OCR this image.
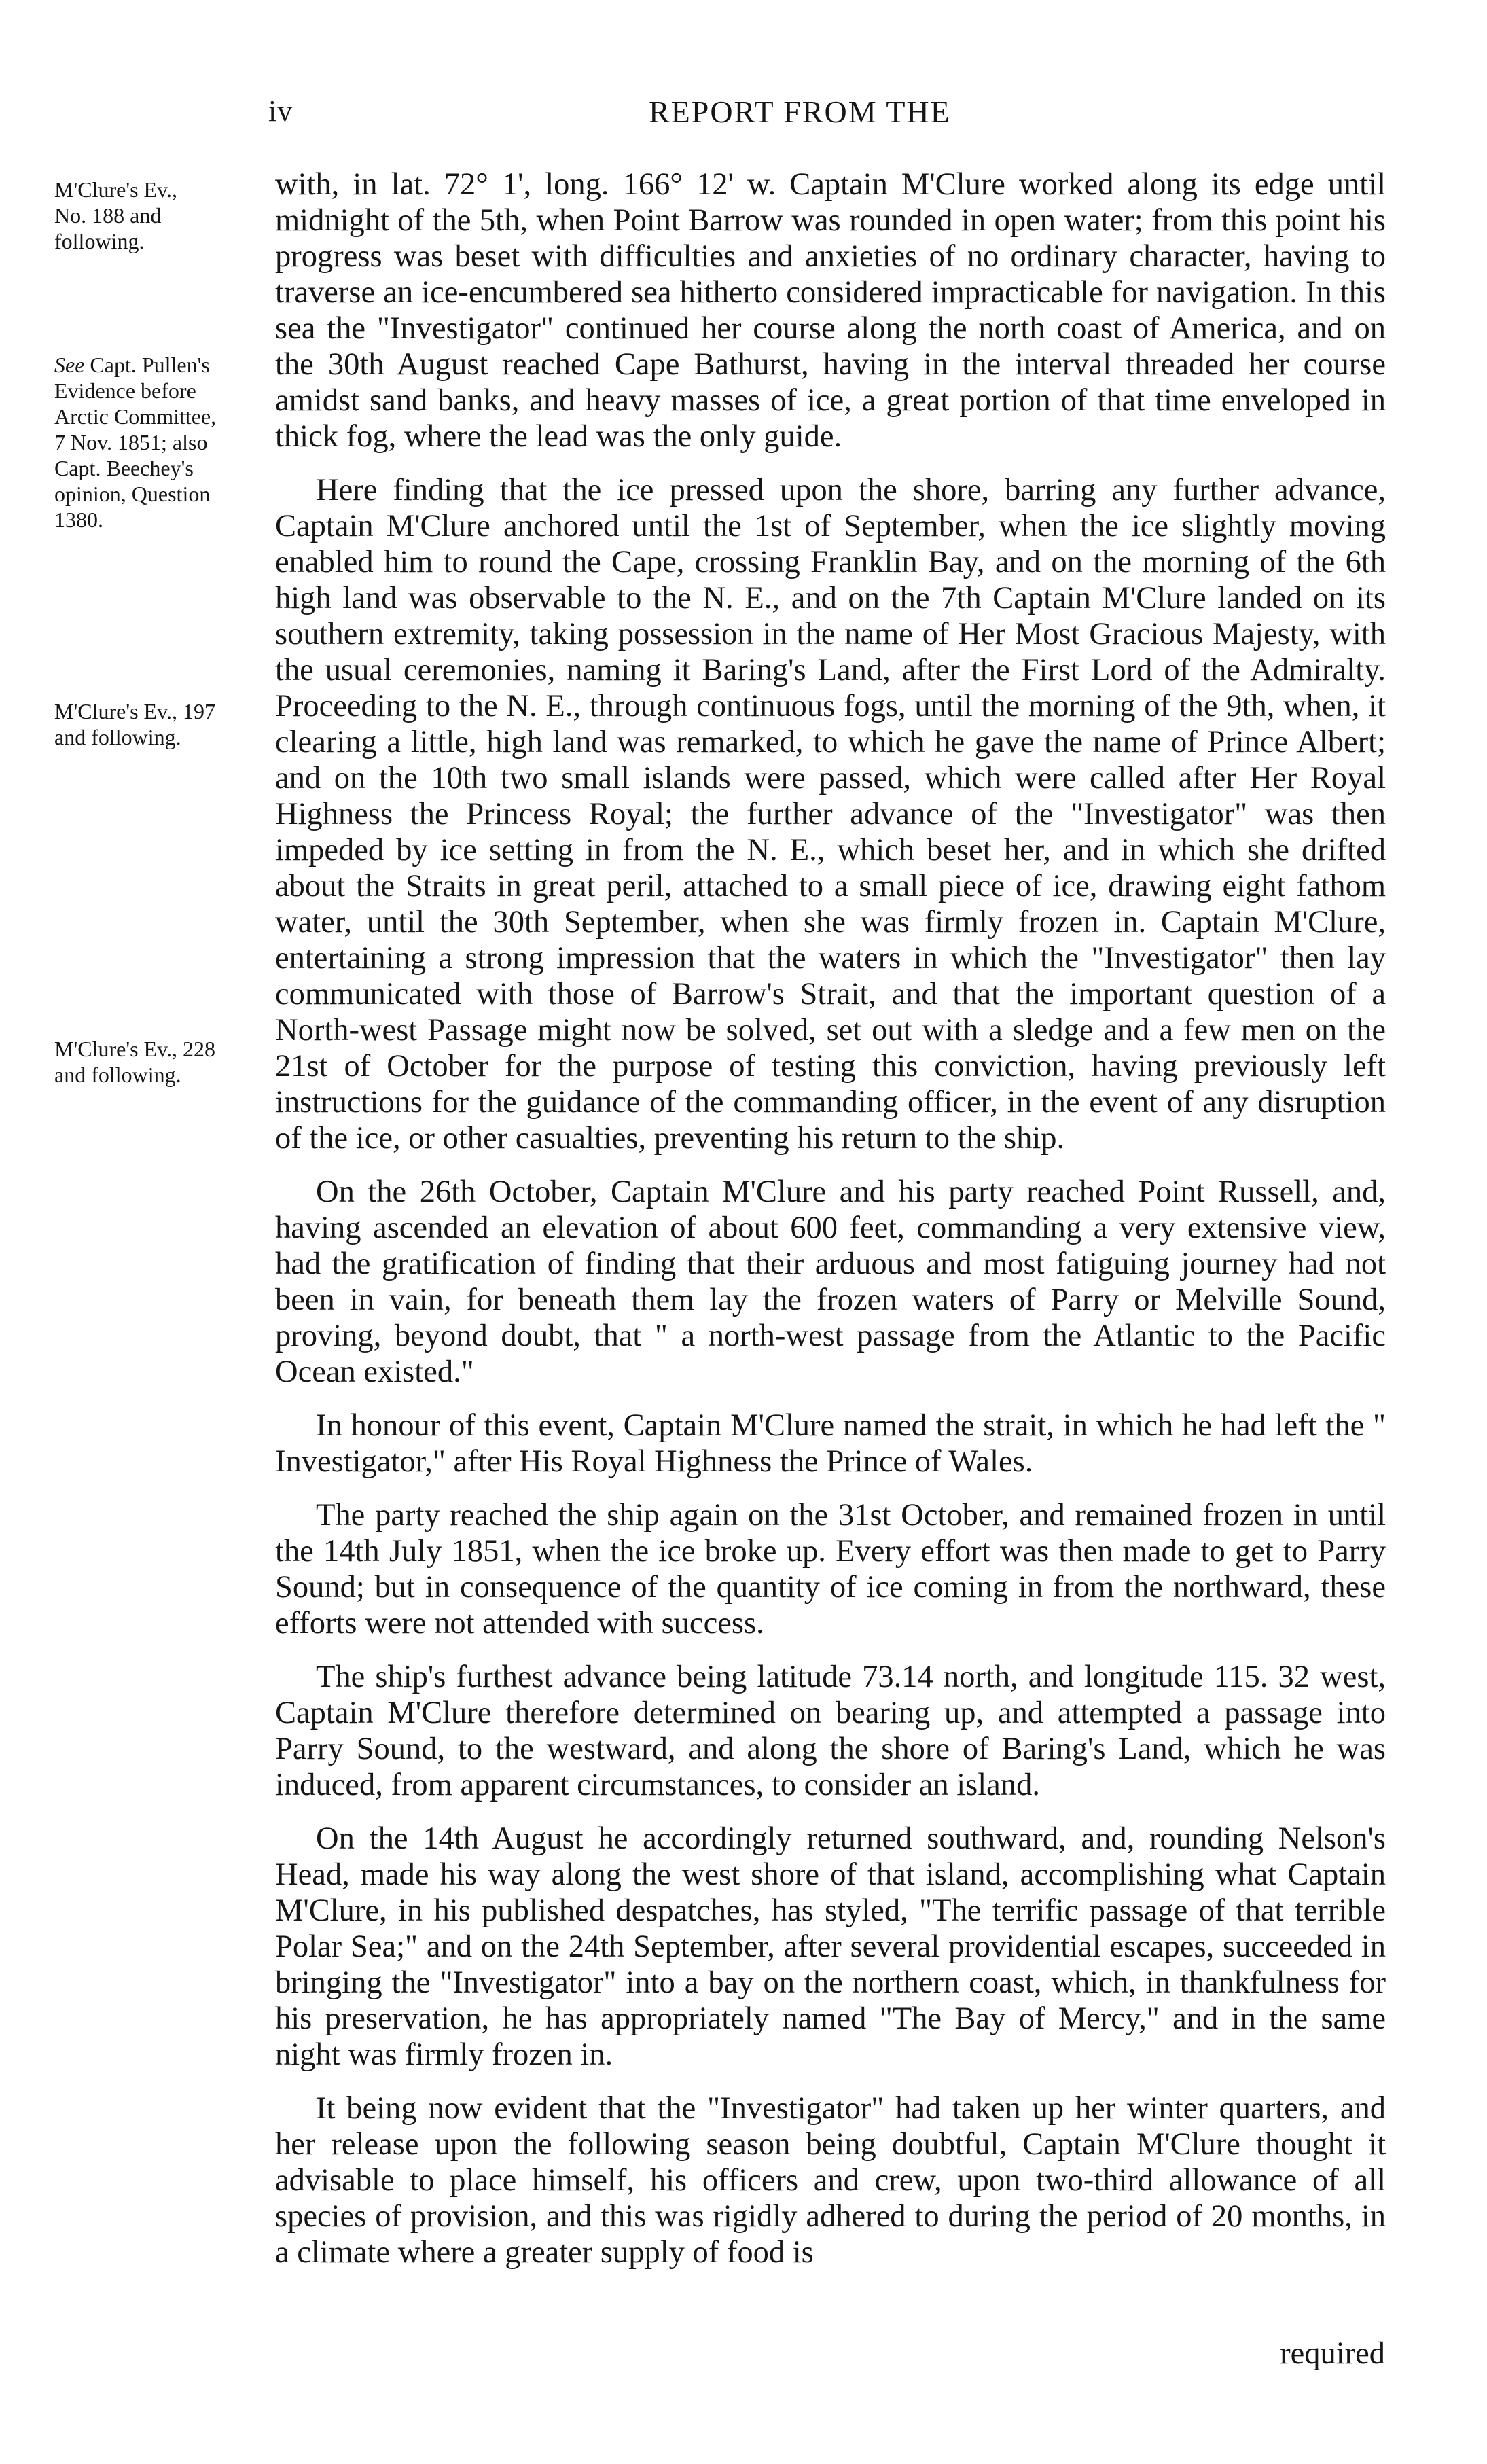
iv	REPORT FROM THE
M'Clure's Ev.,
No. 188 and
following.
See Capt. Pullen's
Evidence before
Arctic Committee,
7 Nov. 1851; also
Capt. Beechey's
opinion, Question
1380.
M'Clure's Ev., 197
and following.
M'Clure's Ev., 228
and following.

with, in lat. 72° 1', long. 166° 12' w. Captain M'Clure worked along its edge until midnight of the 5th, when Point Barrow was rounded in open water; from this point his progress was beset with difficulties and anxieties of no ordinary character, having to traverse an ice-encumbered sea hitherto considered impracticable for navigation. In this sea the "Investigator" continued her course along the north coast of America, and on the 30th August reached Cape Bathurst, having in the interval threaded her course amidst sand banks, and heavy masses of ice, a great portion of that time enveloped in thick fog, where the lead was the only guide.

Here finding that the ice pressed upon the shore, barring any further advance, Captain M'Clure anchored until the 1st of September, when the ice slightly moving enabled him to round the Cape, crossing Franklin Bay, and on the morning of the 6th high land was observable to the N. E., and on the 7th Captain M'Clure landed on its southern extremity, taking possession in the name of Her Most Gracious Majesty, with the usual ceremonies, naming it Baring's Land, after the First Lord of the Admiralty. Proceeding to the N. E., through continuous fogs, until the morning of the 9th, when, it clearing a little, high land was remarked, to which he gave the name of Prince Albert; and on the 10th two small islands were passed, which were called after Her Royal Highness the Princess Royal; the further advance of the "Investigator" was then impeded by ice setting in from the N. E., which beset her, and in which she drifted about the Straits in great peril, attached to a small piece of ice, drawing eight fathom water, until the 30th September, when she was firmly frozen in. Captain M'Clure, entertaining a strong impression that the waters in which the "Investigator" then lay communicated with those of Barrow's Strait, and that the important question of a North-west Passage might now be solved, set out with a sledge and a few men on the 21st of October for the purpose of testing this conviction, having previously left instructions for the guidance of the commanding officer, in the event of any disruption of the ice, or other casualties, preventing his return to the ship.

On the 26th October, Captain M'Clure and his party reached Point Russell, and, having ascended an elevation of about 600 feet, commanding a very extensive view, had the gratification of finding that their arduous and most fatiguing journey had not been in vain, for beneath them lay the frozen waters of Parry or Melville Sound, proving, beyond doubt, that " a north-west passage from the Atlantic to the Pacific Ocean existed."

In honour of this event, Captain M'Clure named the strait, in which he had left the " Investigator," after His Royal Highness the Prince of Wales.

The party reached the ship again on the 31st October, and remained frozen in until the 14th July 1851, when the ice broke up. Every effort was then made to get to Parry Sound; but in consequence of the quantity of ice coming in from the northward, these efforts were not attended with success.

The ship's furthest advance being latitude 73.14 north, and longitude 115. 32 west, Captain M'Clure therefore determined on bearing up, and attempted a passage into Parry Sound, to the westward, and along the shore of Baring's Land, which he was induced, from apparent circumstances, to consider an island.

On the 14th August he accordingly returned southward, and, rounding Nelson's Head, made his way along the west shore of that island, accomplishing what Captain M'Clure, in his published despatches, has styled, "The terrific passage of that terrible Polar Sea;" and on the 24th September, after several providential escapes, succeeded in bringing the "Investigator" into a bay on the northern coast, which, in thankfulness for his preservation, he has appropriately named "The Bay of Mercy," and in the same night was firmly frozen in.

It being now evident that the "Investigator" had taken up her winter quarters, and her release upon the following season being doubtful, Captain M'Clure thought it advisable to place himself, his officers and crew, upon two-third allowance of all species of provision, and this was rigidly adhered to during the period of 20 months, in a climate where a greater supply of food is

required
